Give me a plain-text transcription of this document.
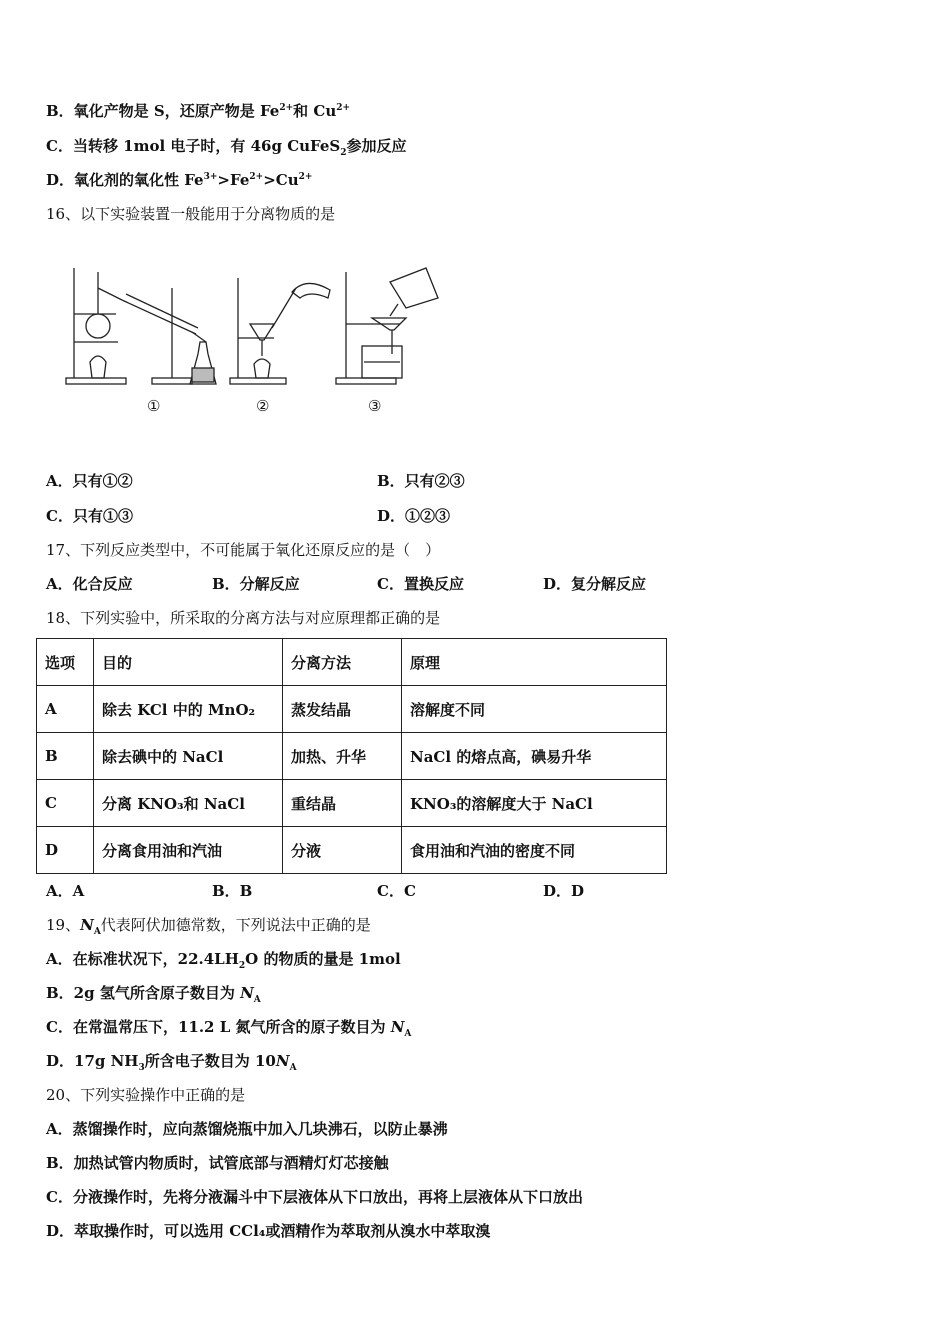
B．氧化产物是 S，还原产物是 $Fe^{2+}$和 $Cu^{2+}$
C．当转移 1mol 电子时，有 46g CuFeS$_2$参加反应
D．氧化剂的氧化性 $Fe^{3+}>Fe^{2+}>Cu^{2+}$
16、以下实验装置一般能用于分离物质的是
①	②	③
A．只有①②	B．只有②③
C．只有①③	D．①②③
17、下列反应类型中，不可能属于氧化还原反应的是（　）
A．化合反应	B．分解反应	C．置换反应	D．复分解反应
18、下列实验中，所采取的分离方法与对应原理都正确的是
选项	目的	分离方法	原理
A	除去 KCl 中的 MnO₂	蒸发结晶	溶解度不同
B	除去碘中的 NaCl	加热、升华	NaCl 的熔点高，碘易升华
C	分离 KNO₃和 NaCl	重结晶	KNO₃的溶解度大于 NaCl
D	分离食用油和汽油	分液	食用油和汽油的密度不同
A．A	B．B	C．C	D．D
19、$N_A$代表阿伏加德常数，下列说法中正确的是
A．在标准状况下，$22.4LH_2O$ 的物质的量是 1mol
B．2g 氢气所含原子数目为 $N_A$
C．在常温常压下，11.2 L 氮气所含的原子数目为 $N_A$
D．17g $NH_3$所含电子数目为 $10N_A$
20、下列实验操作中正确的是
A．蒸馏操作时，应向蒸馏烧瓶中加入几块沸石，以防止暴沸
B．加热试管内物质时，试管底部与酒精灯灯芯接触
C．分液操作时，先将分液漏斗中下层液体从下口放出，再将上层液体从下口放出
D．萃取操作时，可以选用 CCl₄或酒精作为萃取剂从溴水中萃取溴
